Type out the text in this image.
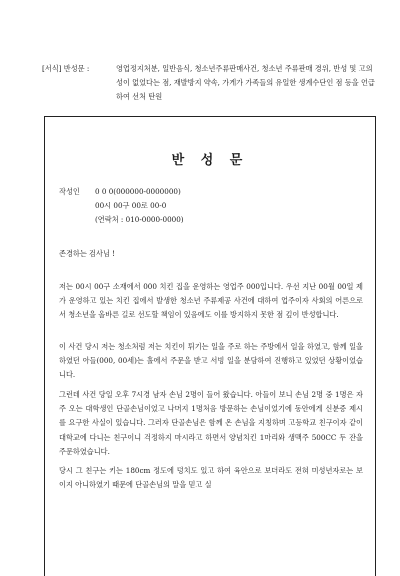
[서식] 반성문 :	영업정지처분, 일반음식, 청소년주류판매사건, 청소년 주류판매 경위, 반성 및 고의성이 없었다는 점, 재발방지 약속, 가게가 가족들의 유일한 생계수단인 점 등을 언급하여 선처 탄원
반 성 문
작성인	0 0 0(000000-0000000)
00시 00구 00로 00-0
(연락처 : 010-0000-0000)
존경하는 검사님 !

저는 00시 00구 소재에서 000 치킨 집을 운영하는 영업주 000입니다. 우선 지난 00월 00일 제가 운영하고 있는 치킨 집에서 발생한 청소년 주류제공 사건에 대하여 업주이자 사회의 어른으로서 청소년을 올바른 길로 선도할 책임이 있음에도 이를 방지하지 못한 점 깊이 반성합니다.

이 사건 당시 저는 청소처럼 저는 치킨이 튀기는 일을 주로 하는 주방에서 일을 하였고, 함께 일을 하였던 아들(000, 00세)는 홀에서 주문을 받고 서빙 일을 분담하여 진행하고 있었던 상황이었습니다.

그런데 사건 당일 오후 7시경 남자 손님 2명이 들어 왔습니다. 아들이 보니 손님 2명 중 1명은 자주 오는 대학생인 단골손님이었고 나머지 1명처음 방문하는 손님이었기에 동안에게 신분증 제시를 요구한 사실이 있습니다. 그러자 단골손님은 함께 온 손님을 지칭하며 고등학교 친구이자 같이 대학교에 다니는 친구이니 걱정하지 마시라고 하면서 양념치킨 1마리와 생맥주 500CC 두 잔을 주문하였습니다.

당시 그 친구는 키는 180cm 정도에 덩치도 있고 하여 육안으로 보더라도 전혀 미성년자로는 보이지 아니하였기 때문에 단골손님의 말을 믿고 실
